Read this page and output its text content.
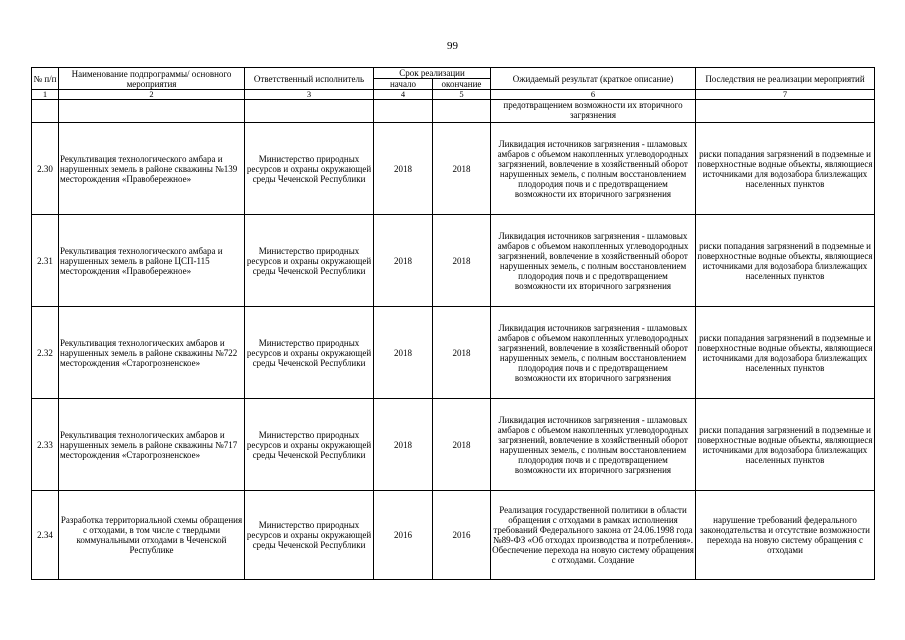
99
№ п/п	Наименование подпрограммы/ основного мероприятия	Ответственный исполнитель	Срок реализации		Ожидаемый результат (краткое описание)	Последствия не реализации мероприятий
			начало	окончание		
1	2	3	4	5	6	7
					предотвращением возможности их вторичного загрязнения	
2.30	Рекультивация технологического амбара и нарушенных земель в районе скважины №139 месторождения «Правобережное»	Министерство природных ресурсов и охраны окружающей среды Чеченской Республики	2018	2018	Ликвидация источников загрязнения - шламовых амбаров с объемом накопленных углеводородных загрязнений, вовлечение в хозяйственный оборот нарушенных земель, с полным восстановлением плодородия почв и с предотвращением возможности их вторичного загрязнения	риски попадания загрязнений в подземные и поверхностные водные объекты, являющиеся источниками для водозабора близлежащих населенных пунктов
2.31	Рекультивация технологического амбара и нарушенных земель в районе ЦСП-115 месторождения «Правобережное»	Министерство природных ресурсов и охраны окружающей среды Чеченской Республики	2018	2018	Ликвидация источников загрязнения - шламовых амбаров с объемом накопленных углеводородных загрязнений, вовлечение в хозяйственный оборот нарушенных земель, с полным восстановлением плодородия почв и с предотвращением возможности их вторичного загрязнения	риски попадания загрязнений в подземные и поверхностные водные объекты, являющиеся источниками для водозабора близлежащих населенных пунктов
2.32	Рекультивация технологических амбаров и нарушенных земель в районе скважины №722 месторождения «Старогрозненское»	Министерство природных ресурсов и охраны окружающей среды Чеченской Республики	2018	2018	Ликвидация источников загрязнения - шламовых амбаров с объемом накопленных углеводородных загрязнений, вовлечение в хозяйственный оборот нарушенных земель, с полным восстановлением плодородия почв и с предотвращением возможности их вторичного загрязнения	риски попадания загрязнений в подземные и поверхностные водные объекты, являющиеся источниками для водозабора близлежащих населенных пунктов
2.33	Рекультивация технологических амбаров и нарушенных земель в районе скважины №717 месторождения «Старогрозненское»	Министерство природных ресурсов и охраны окружающей среды Чеченской Республики	2018	2018	Ликвидация источников загрязнения - шламовых амбаров с объемом накопленных углеводородных загрязнений, вовлечение в хозяйственный оборот нарушенных земель, с полным восстановлением плодородия почв и с предотвращением возможности их вторичного загрязнения	риски попадания загрязнений в подземные и поверхностные водные объекты, являющиеся источниками для водозабора близлежащих населенных пунктов
2.34	Разработка территориальной схемы обращения с отходами, в том числе с твердыми коммунальными отходами в Чеченской Республике	Министерство природных ресурсов и охраны окружающей среды Чеченской Республики	2016	2016	Реализация государственной политики в области обращения с отходами в рамках исполнения требований Федерального закона от 24.06.1998 года №89-ФЗ «Об отходах производства и потребления». Обеспечение перехода на новую систему обращения с отходами. Создание	нарушение требований федерального законодательства и отсутствие возможности перехода на новую систему обращения с отходами
